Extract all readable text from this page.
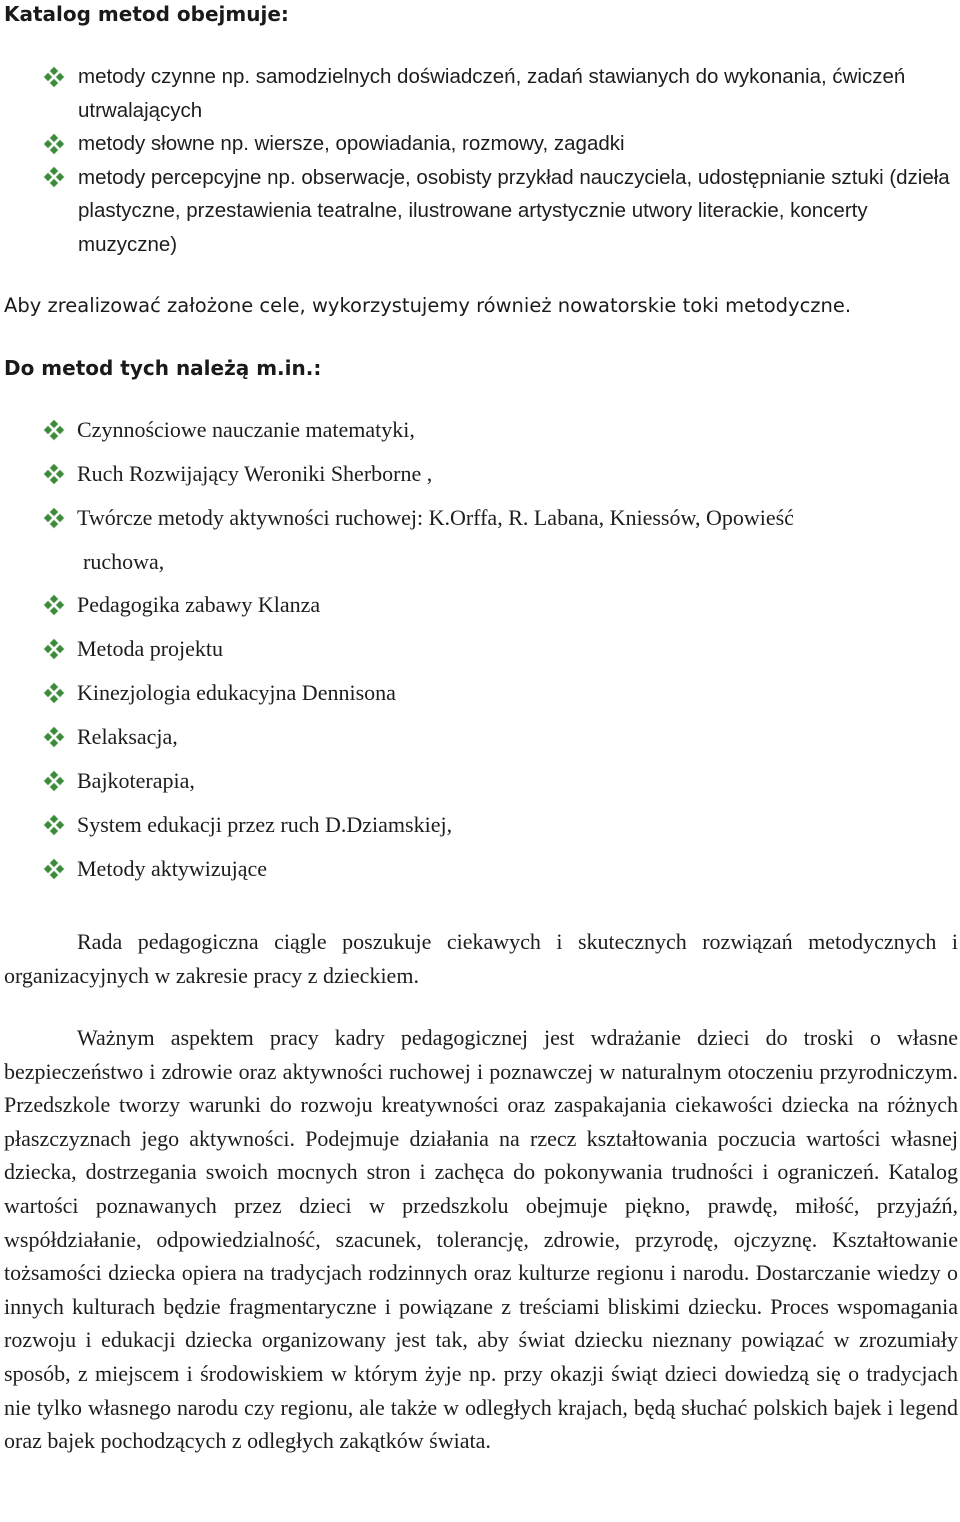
Katalog metod obejmuje:
metody czynne np. samodzielnych doświadczeń, zadań stawianych do wykonania, ćwiczeń utrwalających
metody słowne np. wiersze, opowiadania, rozmowy, zagadki
metody percepcyjne np. obserwacje, osobisty przykład nauczyciela, udostępnianie sztuki (dzieła plastyczne, przestawienia teatralne, ilustrowane artystycznie utwory literackie, koncerty muzyczne)
Aby zrealizować założone cele, wykorzystujemy również nowatorskie toki metodyczne.
Do metod tych należą m.in.:
Czynnościowe nauczanie matematyki,
Ruch Rozwijający Weroniki Sherborne ,
Twórcze metody aktywności ruchowej: K.Orffa, R. Labana, Kniessów, Opowieść
Pedagogika zabawy Klanza
Metoda projektu
Kinezjologia edukacyjna Dennisona
Relaksacja,
Bajkoterapia,
System edukacji przez ruch D.Dziamskiej,
Metody aktywizujące
ruchowa,

Rada pedagogiczna ciągle poszukuje ciekawych i skutecznych rozwiązań metodycznych i organizacyjnych w zakresie pracy z dzieckiem.

Ważnym aspektem pracy kadry pedagogicznej jest wdrażanie dzieci do troski o własne bezpieczeństwo i zdrowie oraz aktywności ruchowej i poznawczej w naturalnym otoczeniu przyrodniczym. Przedszkole tworzy warunki do rozwoju kreatywności oraz zaspakajania ciekawości dziecka na różnych płaszczyznach jego aktywności. Podejmuje działania na rzecz kształtowania poczucia wartości własnej dziecka, dostrzegania swoich mocnych stron i zachęca do pokonywania trudności i ograniczeń. Katalog wartości poznawanych przez dzieci w przedszkolu obejmuje piękno, prawdę, miłość, przyjaźń, współdziałanie, odpowiedzialność, szacunek, tolerancję, zdrowie, przyrodę, ojczyznę. Kształtowanie tożsamości dziecka opiera na tradycjach rodzinnych oraz kulturze regionu i narodu. Dostarczanie wiedzy o innych kulturach będzie fragmentaryczne i powiązane z treściami bliskimi dziecku. Proces wspomagania rozwoju i edukacji dziecka organizowany jest tak, aby świat dziecku nieznany powiązać w zrozumiały sposób, z miejscem i środowiskiem w którym żyje np. przy okazji świąt dzieci dowiedzą się o tradycjach nie tylko własnego narodu czy regionu, ale także w odległych krajach, będą słuchać polskich bajek i legend oraz bajek pochodzących z odległych zakątków świata.
